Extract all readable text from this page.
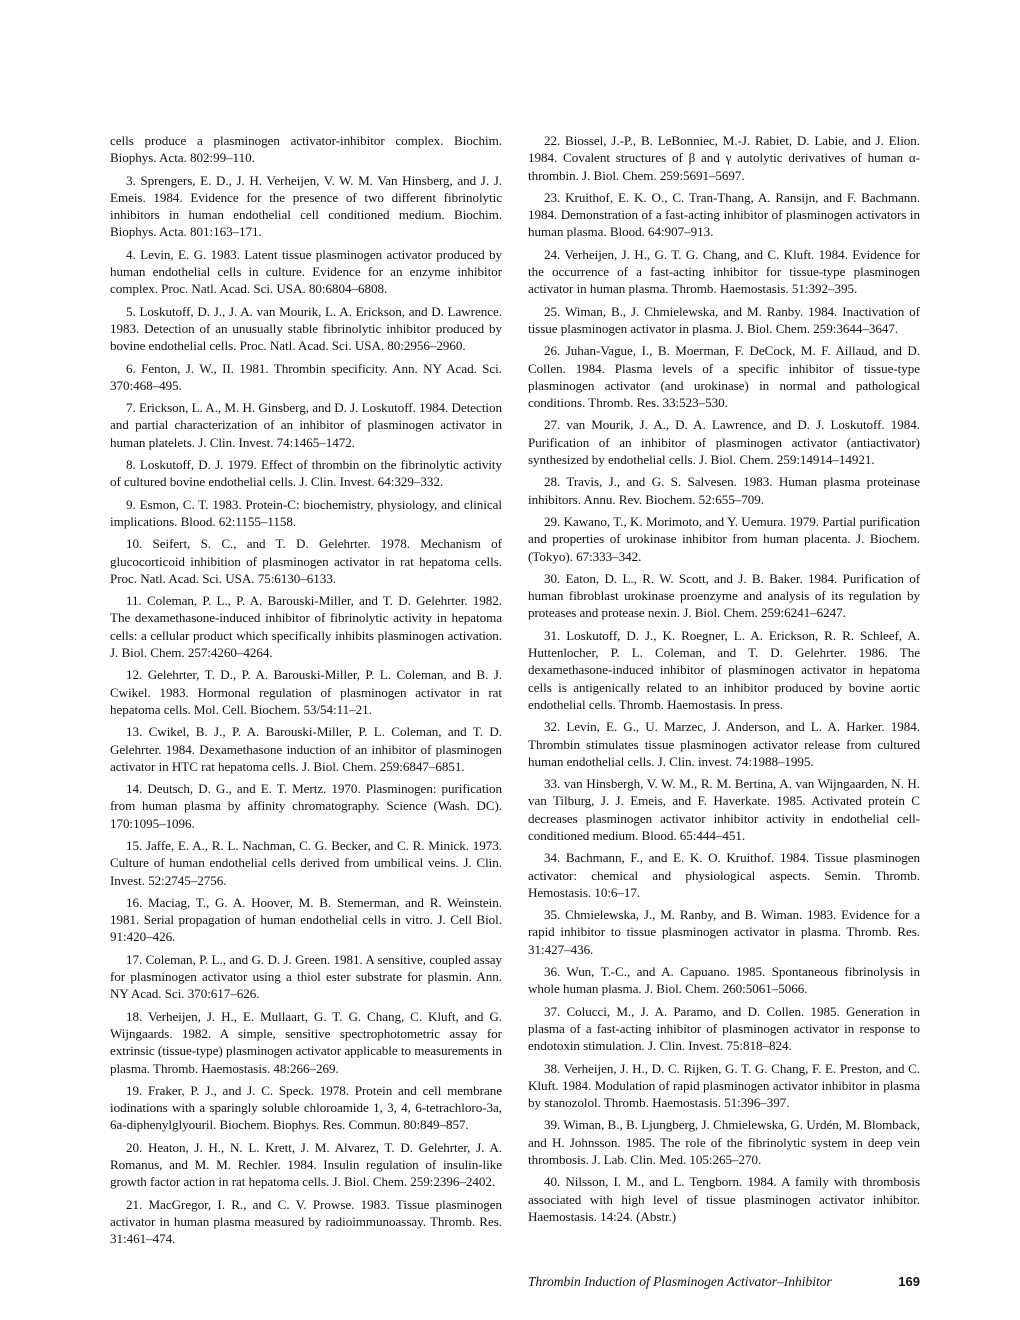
cells produce a plasminogen activator-inhibitor complex. Biochim. Biophys. Acta. 802:99–110.

3. Sprengers, E. D., J. H. Verheijen, V. W. M. Van Hinsberg, and J. J. Emeis. 1984. Evidence for the presence of two different fibrinolytic inhibitors in human endothelial cell conditioned medium. Biochim. Biophys. Acta. 801:163–171.

4. Levin, E. G. 1983. Latent tissue plasminogen activator produced by human endothelial cells in culture. Evidence for an enzyme inhibitor complex. Proc. Natl. Acad. Sci. USA. 80:6804–6808.

5. Loskutoff, D. J., J. A. van Mourik, L. A. Erickson, and D. Lawrence. 1983. Detection of an unusually stable fibrinolytic inhibitor produced by bovine endothelial cells. Proc. Natl. Acad. Sci. USA. 80:2956–2960.

6. Fenton, J. W., II. 1981. Thrombin specificity. Ann. NY Acad. Sci. 370:468–495.

7. Erickson, L. A., M. H. Ginsberg, and D. J. Loskutoff. 1984. Detection and partial characterization of an inhibitor of plasminogen activator in human platelets. J. Clin. Invest. 74:1465–1472.

8. Loskutoff, D. J. 1979. Effect of thrombin on the fibrinolytic activity of cultured bovine endothelial cells. J. Clin. Invest. 64:329–332.

9. Esmon, C. T. 1983. Protein-C: biochemistry, physiology, and clinical implications. Blood. 62:1155–1158.

10. Seifert, S. C., and T. D. Gelehrter. 1978. Mechanism of glucocorticoid inhibition of plasminogen activator in rat hepatoma cells. Proc. Natl. Acad. Sci. USA. 75:6130–6133.

11. Coleman, P. L., P. A. Barouski-Miller, and T. D. Gelehrter. 1982. The dexamethasone-induced inhibitor of fibrinolytic activity in hepatoma cells: a cellular product which specifically inhibits plasminogen activation. J. Biol. Chem. 257:4260–4264.

12. Gelehrter, T. D., P. A. Barouski-Miller, P. L. Coleman, and B. J. Cwikel. 1983. Hormonal regulation of plasminogen activator in rat hepatoma cells. Mol. Cell. Biochem. 53/54:11–21.

13. Cwikel, B. J., P. A. Barouski-Miller, P. L. Coleman, and T. D. Gelehrter. 1984. Dexamethasone induction of an inhibitor of plasminogen activator in HTC rat hepatoma cells. J. Biol. Chem. 259:6847–6851.

14. Deutsch, D. G., and E. T. Mertz. 1970. Plasminogen: purification from human plasma by affinity chromatography. Science (Wash. DC). 170:1095–1096.

15. Jaffe, E. A., R. L. Nachman, C. G. Becker, and C. R. Minick. 1973. Culture of human endothelial cells derived from umbilical veins. J. Clin. Invest. 52:2745–2756.

16. Maciag, T., G. A. Hoover, M. B. Stemerman, and R. Weinstein. 1981. Serial propagation of human endothelial cells in vitro. J. Cell Biol. 91:420–426.

17. Coleman, P. L., and G. D. J. Green. 1981. A sensitive, coupled assay for plasminogen activator using a thiol ester substrate for plasmin. Ann. NY Acad. Sci. 370:617–626.

18. Verheijen, J. H., E. Mullaart, G. T. G. Chang, C. Kluft, and G. Wijngaards. 1982. A simple, sensitive spectrophotometric assay for extrinsic (tissue-type) plasminogen activator applicable to measurements in plasma. Thromb. Haemostasis. 48:266–269.

19. Fraker, P. J., and J. C. Speck. 1978. Protein and cell membrane iodinations with a sparingly soluble chloroamide 1, 3, 4, 6-tetrachloro-3a, 6a-diphenylglyouril. Biochem. Biophys. Res. Commun. 80:849–857.

20. Heaton, J. H., N. L. Krett, J. M. Alvarez, T. D. Gelehrter, J. A. Romanus, and M. M. Rechler. 1984. Insulin regulation of insulin-like growth factor action in rat hepatoma cells. J. Biol. Chem. 259:2396–2402.

21. MacGregor, I. R., and C. V. Prowse. 1983. Tissue plasminogen activator in human plasma measured by radioimmunoassay. Thromb. Res. 31:461–474.

22. Biossel, J.-P., B. LeBonniec, M.-J. Rabiet, D. Labie, and J. Elion. 1984. Covalent structures of β and γ autolytic derivatives of human α-thrombin. J. Biol. Chem. 259:5691–5697.

23. Kruithof, E. K. O., C. Tran-Thang, A. Ransijn, and F. Bachmann. 1984. Demonstration of a fast-acting inhibitor of plasminogen activators in human plasma. Blood. 64:907–913.

24. Verheijen, J. H., G. T. G. Chang, and C. Kluft. 1984. Evidence for the occurrence of a fast-acting inhibitor for tissue-type plasminogen activator in human plasma. Thromb. Haemostasis. 51:392–395.

25. Wiman, B., J. Chmielewska, and M. Ranby. 1984. Inactivation of tissue plasminogen activator in plasma. J. Biol. Chem. 259:3644–3647.

26. Juhan-Vague, I., B. Moerman, F. DeCock, M. F. Aillaud, and D. Collen. 1984. Plasma levels of a specific inhibitor of tissue-type plasminogen activator (and urokinase) in normal and pathological conditions. Thromb. Res. 33:523–530.

27. van Mourik, J. A., D. A. Lawrence, and D. J. Loskutoff. 1984. Purification of an inhibitor of plasminogen activator (antiactivator) synthesized by endothelial cells. J. Biol. Chem. 259:14914–14921.

28. Travis, J., and G. S. Salvesen. 1983. Human plasma proteinase inhibitors. Annu. Rev. Biochem. 52:655–709.

29. Kawano, T., K. Morimoto, and Y. Uemura. 1979. Partial purification and properties of urokinase inhibitor from human placenta. J. Biochem. (Tokyo). 67:333–342.

30. Eaton, D. L., R. W. Scott, and J. B. Baker. 1984. Purification of human fibroblast urokinase proenzyme and analysis of its regulation by proteases and protease nexin. J. Biol. Chem. 259:6241–6247.

31. Loskutoff, D. J., K. Roegner, L. A. Erickson, R. R. Schleef, A. Huttenlocher, P. L. Coleman, and T. D. Gelehrter. 1986. The dexamethasone-induced inhibitor of plasminogen activator in hepatoma cells is antigenically related to an inhibitor produced by bovine aortic endothelial cells. Thromb. Haemostasis. In press.

32. Levin, E. G., U. Marzec, J. Anderson, and L. A. Harker. 1984. Thrombin stimulates tissue plasminogen activator release from cultured human endothelial cells. J. Clin. invest. 74:1988–1995.

33. van Hinsbergh, V. W. M., R. M. Bertina, A. van Wijngaarden, N. H. van Tilburg, J. J. Emeis, and F. Haverkate. 1985. Activated protein C decreases plasminogen activator inhibitor activity in endothelial cell-conditioned medium. Blood. 65:444–451.

34. Bachmann, F., and E. K. O. Kruithof. 1984. Tissue plasminogen activator: chemical and physiological aspects. Semin. Thromb. Hemostasis. 10:6–17.

35. Chmielewska, J., M. Ranby, and B. Wiman. 1983. Evidence for a rapid inhibitor to tissue plasminogen activator in plasma. Thromb. Res. 31:427–436.

36. Wun, T.-C., and A. Capuano. 1985. Spontaneous fibrinolysis in whole human plasma. J. Biol. Chem. 260:5061–5066.

37. Colucci, M., J. A. Paramo, and D. Collen. 1985. Generation in plasma of a fast-acting inhibitor of plasminogen activator in response to endotoxin stimulation. J. Clin. Invest. 75:818–824.

38. Verheijen, J. H., D. C. Rijken, G. T. G. Chang, F. E. Preston, and C. Kluft. 1984. Modulation of rapid plasminogen activator inhibitor in plasma by stanozolol. Thromb. Haemostasis. 51:396–397.

39. Wiman, B., B. Ljungberg, J. Chmielewska, G. Urdén, M. Blomback, and H. Johnsson. 1985. The role of the fibrinolytic system in deep vein thrombosis. J. Lab. Clin. Med. 105:265–270.

40. Nilsson, I. M., and L. Tengborn. 1984. A family with thrombosis associated with high level of tissue plasminogen activator inhibitor. Haemostasis. 14:24. (Abstr.)

Thrombin Induction of Plasminogen Activator–Inhibitor	169
